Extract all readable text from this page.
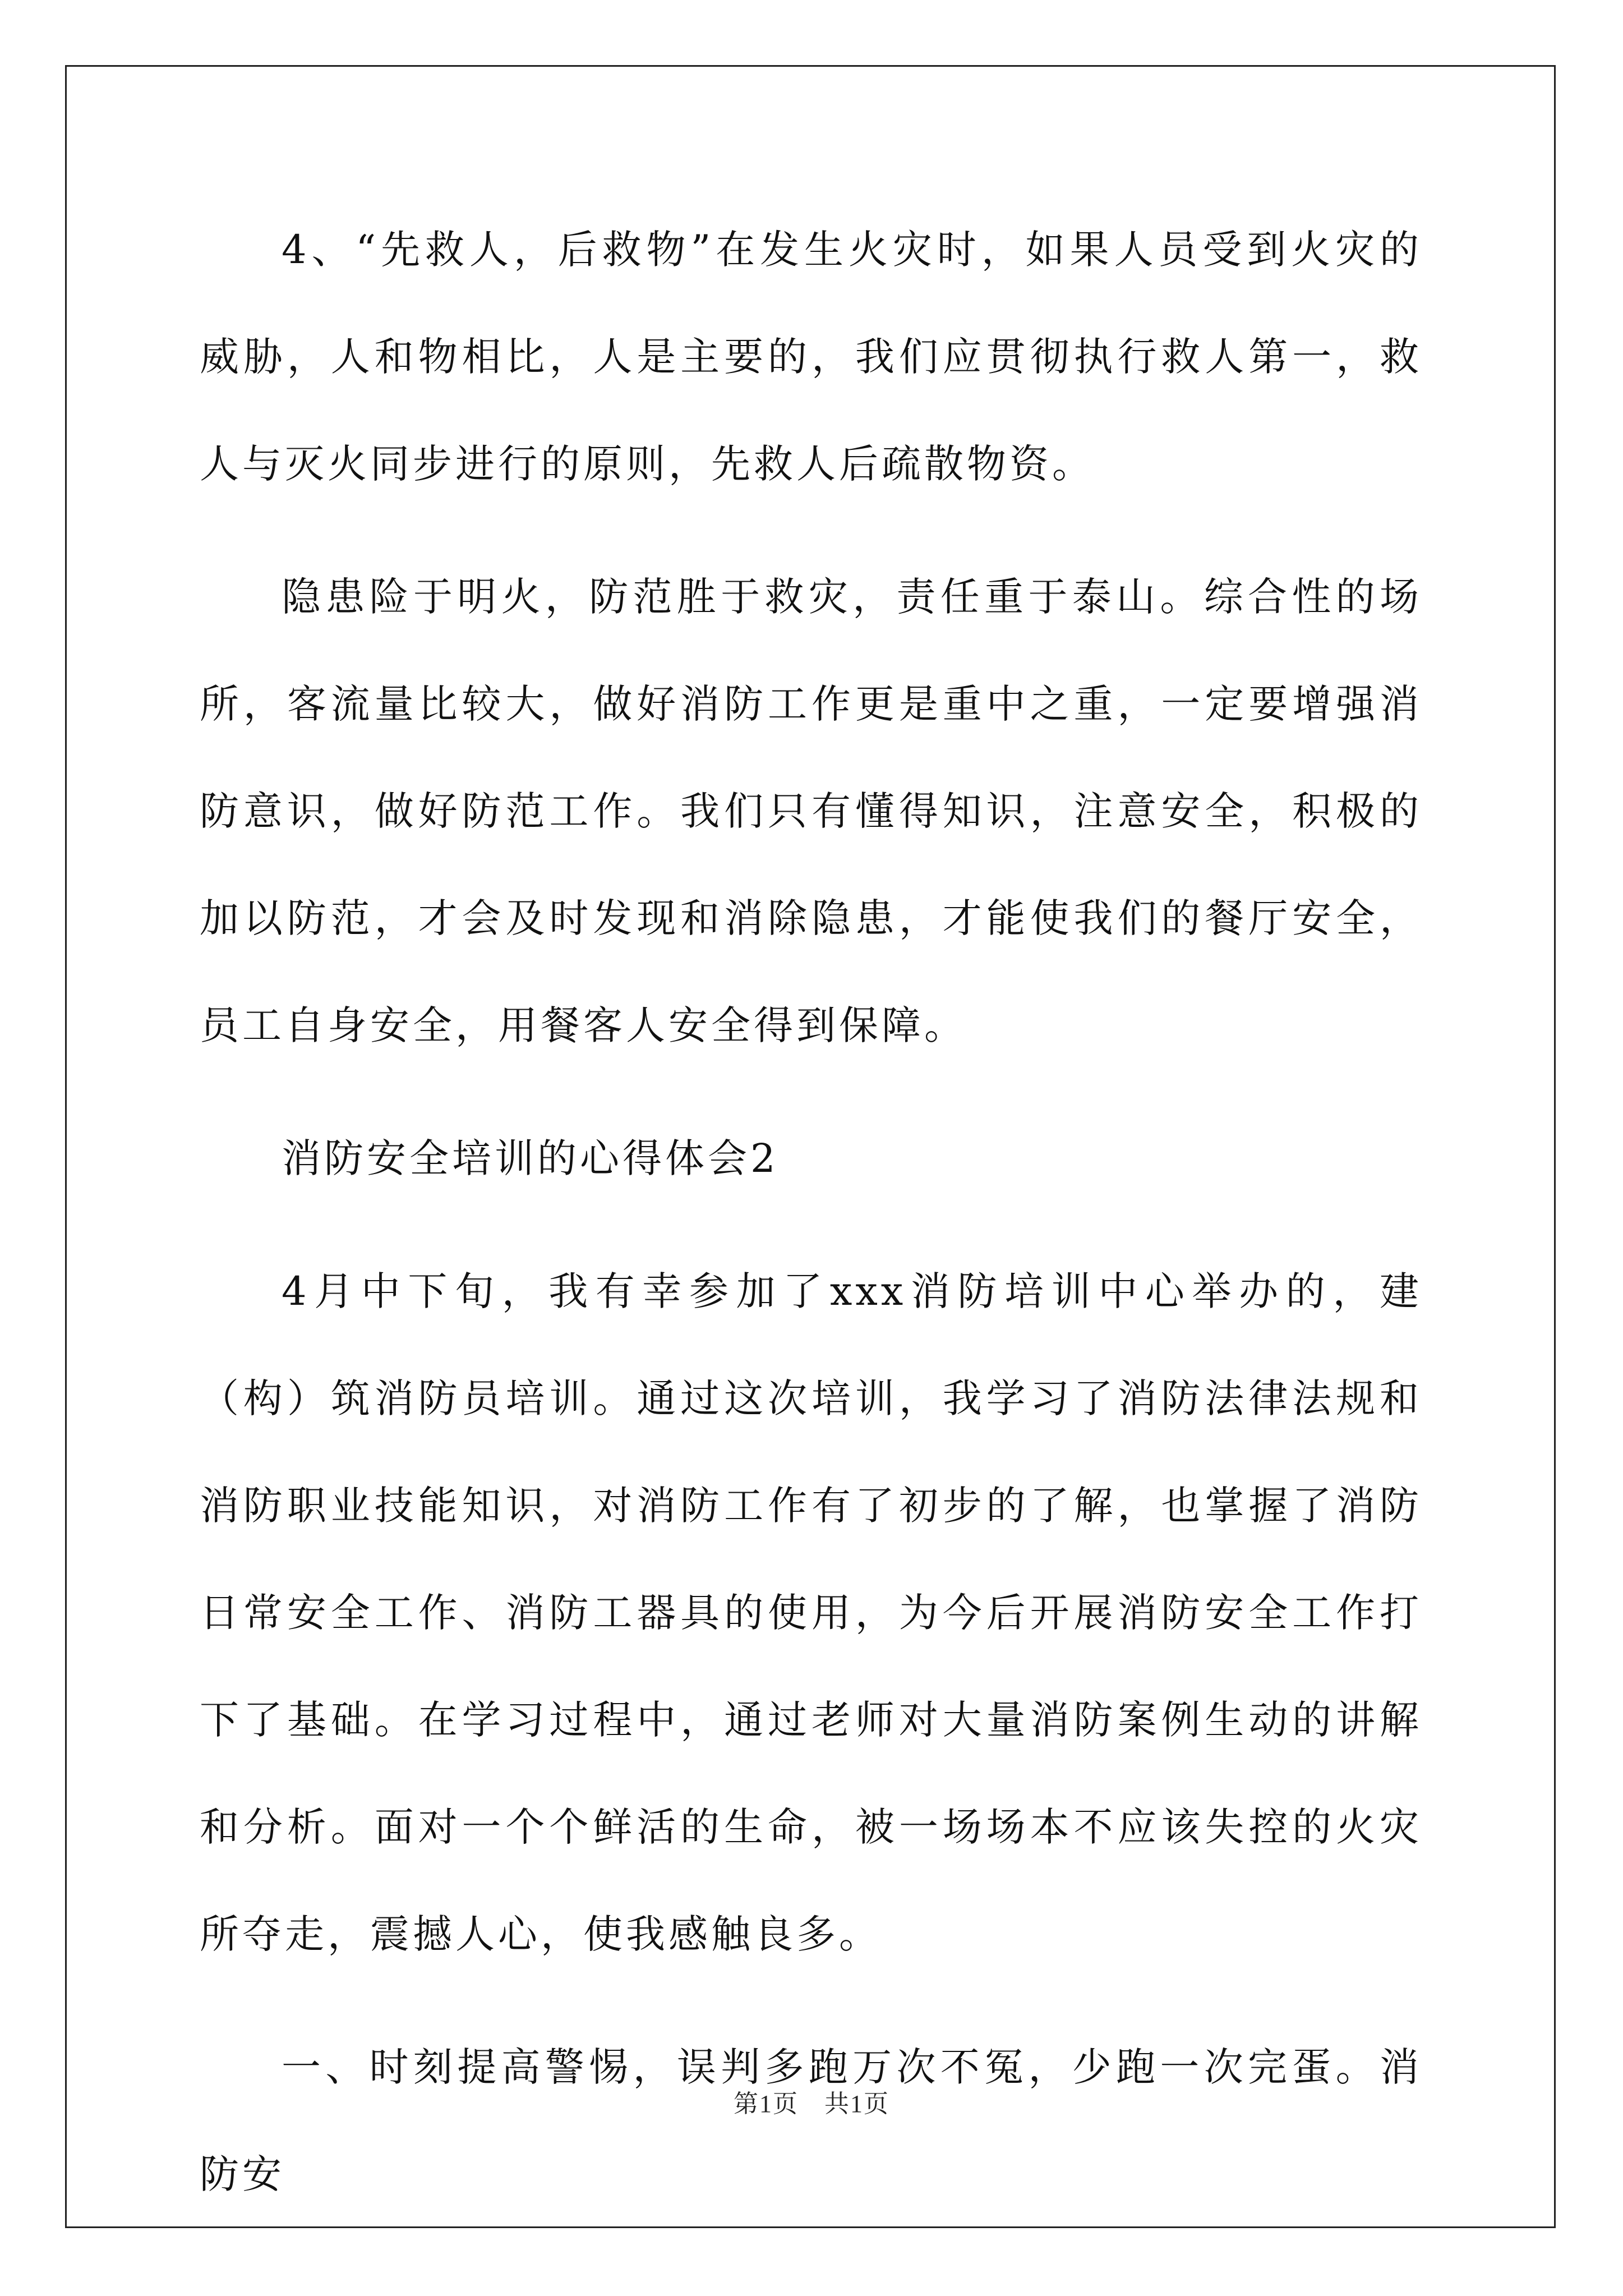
4、“先救人，后救物”在发生火灾时，如果人员受到火灾的威胁，人和物相比，人是主要的，我们应贯彻执行救人第一，救人与灭火同步进行的原则，先救人后疏散物资。

隐患险于明火，防范胜于救灾，责任重于泰山。综合性的场所，客流量比较大，做好消防工作更是重中之重，一定要增强消防意识，做好防范工作。我们只有懂得知识，注意安全，积极的加以防范，才会及时发现和消除隐患，才能使我们的餐厅安全，员工自身安全，用餐客人安全得到保障。

消防安全培训的心得体会2

4月中下旬，我有幸参加了xxx消防培训中心举办的，建（构）筑消防员培训。通过这次培训，我学习了消防法律法规和消防职业技能知识，对消防工作有了初步的了解，也掌握了消防日常安全工作、消防工器具的使用，为今后开展消防安全工作打下了基础。在学习过程中，通过老师对大量消防案例生动的讲解和分析。面对一个个鲜活的生命，被一场场本不应该失控的火灾所夺走，震撼人心，使我感触良多。

一、时刻提高警惕，误判多跑万次不冤，少跑一次完蛋。消防安

第1页　共1页
